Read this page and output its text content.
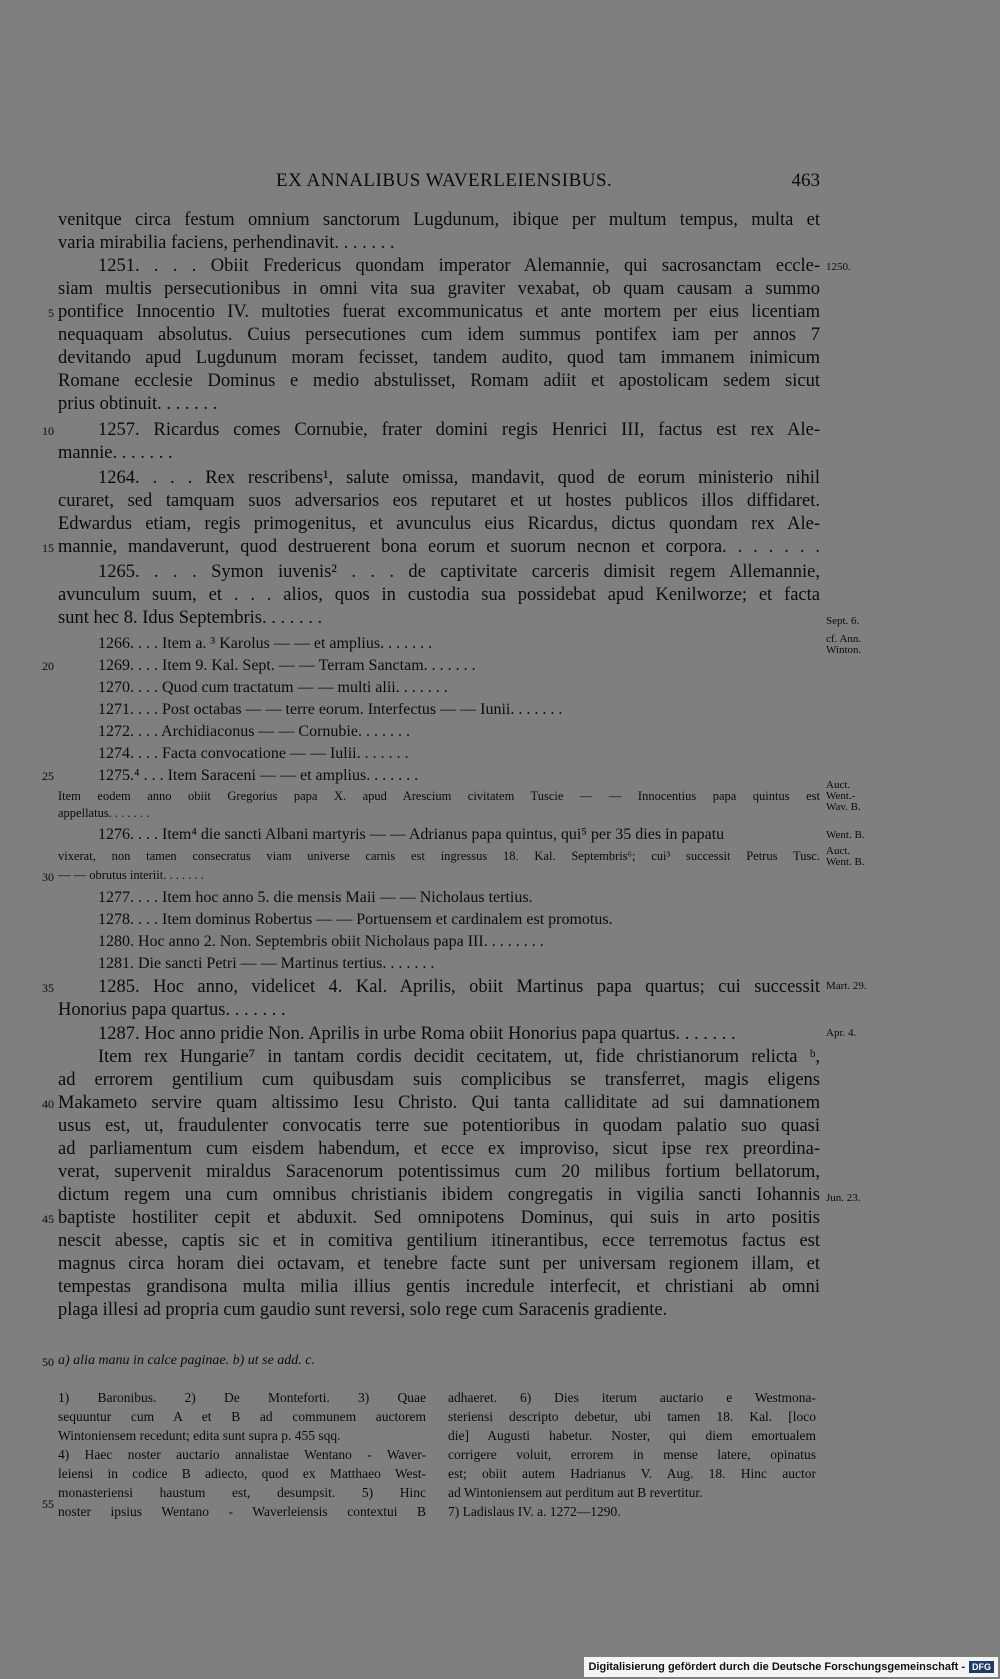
EX ANNALIBUS WAVERLEIENSIBUS.	463
venitque circa festum omnium sanctorum Lugdunum, ibique per multum tempus, multa et
varia mirabilia faciens, perhendinavit. . . . . . .
1251. . . . Obiit Fredericus quondam imperator Alemannie, qui sacrosanctam eccle-
siam multis persecutionibus in omni vita sua graviter vexabat, ob quam causam a summo
pontifice Innocentio IV. multoties fuerat excommunicatus et ante mortem per eius licentiam
nequaquam absolutus. Cuius persecutiones cum idem summus pontifex iam per annos 7
devitando apud Lugdunum moram fecisset, tandem audito, quod tam immanem inimicum
Romane ecclesie Dominus e medio abstulisset, Romam adiit et apostolicam sedem sicut
prius obtinuit. . . . . . .
1257. Ricardus comes Cornubie, frater domini regis Henrici III, factus est rex Ale-
mannie. . . . . . .
1264. . . . Rex rescribens¹, salute omissa, mandavit, quod de eorum ministerio nihil
curaret, sed tamquam suos adversarios eos reputaret et ut hostes publicos illos diffidaret.
Edwardus etiam, regis primogenitus, et avunculus eius Ricardus, dictus quondam rex Ale-
mannie, mandaverunt, quod destruerent bona eorum et suorum necnon et corpora. . . . . . .
1265. . . . Symon iuvenis² . . . de captivitate carceris dimisit regem Allemannie,
avunculum suum, et . . . alios, quos in custodia sua possidebat apud Kenilworze; et facta
sunt hec 8. Idus Septembris. . . . . . .
1266. . . . Item a. ³ Karolus — — et amplius. . . . . . .
1269. . . . Item 9. Kal. Sept. — — Terram Sanctam. . . . . . .
1270. . . . Quod cum tractatum — — multi alii. . . . . . .
1271. . . . Post octabas — — terre eorum. Interfectus — — Iunii. . . . . . .
1272. . . . Archidiaconus — — Cornubie. . . . . . .
1274. . . . Facta convocatione — — Iulii. . . . . . .
1275.⁴ . . . Item Saraceni — — et amplius. . . . . . .
Item eodem anno obiit Gregorius papa X. apud Arescium civitatem Tuscie — — Innocentius papa quintus est
appellatus. . . . . . .
1276. . . . Item⁴ die sancti Albani martyris — — Adrianus papa quintus, qui⁵ per 35 dies in papatu
vixerat, non tamen consecratus viam universe carnis est ingressus 18. Kal. Septembris⁶; cui³ successit Petrus Tusc.
— — obrutus interiit. . . . . . .
1277. . . . Item hoc anno 5. die mensis Maii — — Nicholaus tertius.
1278. . . . Item dominus Robertus — — Portuensem et cardinalem est promotus.
1280. Hoc anno 2. Non. Septembris obiit Nicholaus papa III. . . . . . . .
1281. Die sancti Petri — — Martinus tertius. . . . . . .
1285. Hoc anno, videlicet 4. Kal. Aprilis, obiit Martinus papa quartus; cui successit
Honorius papa quartus. . . . . . .
1287. Hoc anno pridie Non. Aprilis in urbe Roma obiit Honorius papa quartus. . . . . . .
Item rex Hungarie⁷ in tantam cordis decidit cecitatem, ut, fide christianorum relicta ᵇ,
ad errorem gentilium cum quibusdam suis complicibus se transferret, magis eligens
Makameto servire quam altissimo Iesu Christo. Qui tanta calliditate ad sui damnationem
usus est, ut, fraudulenter convocatis terre sue potentioribus in quodam palatio suo quasi
ad parliamentum cum eisdem habendum, et ecce ex improviso, sicut ipse rex preordina-
verat, supervenit miraldus Saracenorum potentissimus cum 20 milibus fortium bellatorum,
dictum regem una cum omnibus christianis ibidem congregatis in vigilia sancti Iohannis
baptiste hostiliter cepit et abduxit. Sed omnipotens Dominus, qui suis in arto positis
nescit abesse, captis sic et in comitiva gentilium itinerantibus, ecce terremotus factus est
magnus circa horam diei octavam, et tenebre facte sunt per universam regionem illam, et
tempestas grandisona multa milia illius gentis incredule interfecit, et christiani ab omni
plaga illesi ad propria cum gaudio sunt reversi, solo rege cum Saracenis gradiente.
5
10
15
20
25
30
35
40
45
50
55
1250.
Sept. 6.
cf. Ann. Winton.
Auct. Went.- Wav. B.
Went. B.
Auct. Went. B.
Mart. 29.
Apr. 4.
Jun. 23.
a) alia manu in calce paginae. b) ut se add. c.
1) Baronibus. 2) De Monteforti. 3) Quae
sequuntur cum A et B ad communem auctorem
Wintoniensem recedunt; edita sunt supra p. 455 sqq.
4) Haec noster auctario annalistae Wentano - Waver-
leiensi in codice B adiecto, quod ex Matthaeo West-
monasteriensi haustum est, desumpsit. 5) Hinc
noster ipsius Wentano - Waverleiensis contextui B
adhaeret. 6) Dies iterum auctario e Westmona-
steriensi descripto debetur, ubi tamen 18. Kal. [loco
die] Augusti habetur. Noster, qui diem emortualem
corrigere voluit, errorem in mense latere, opinatus
est; obiit autem Hadrianus V. Aug. 18. Hinc auctor
ad Wintoniensem aut perditum aut B revertitur.
7) Ladislaus IV. a. 1272—1290.
Digitalisierung gefördert durch die Deutsche Forschungsgemeinschaft - DFG
